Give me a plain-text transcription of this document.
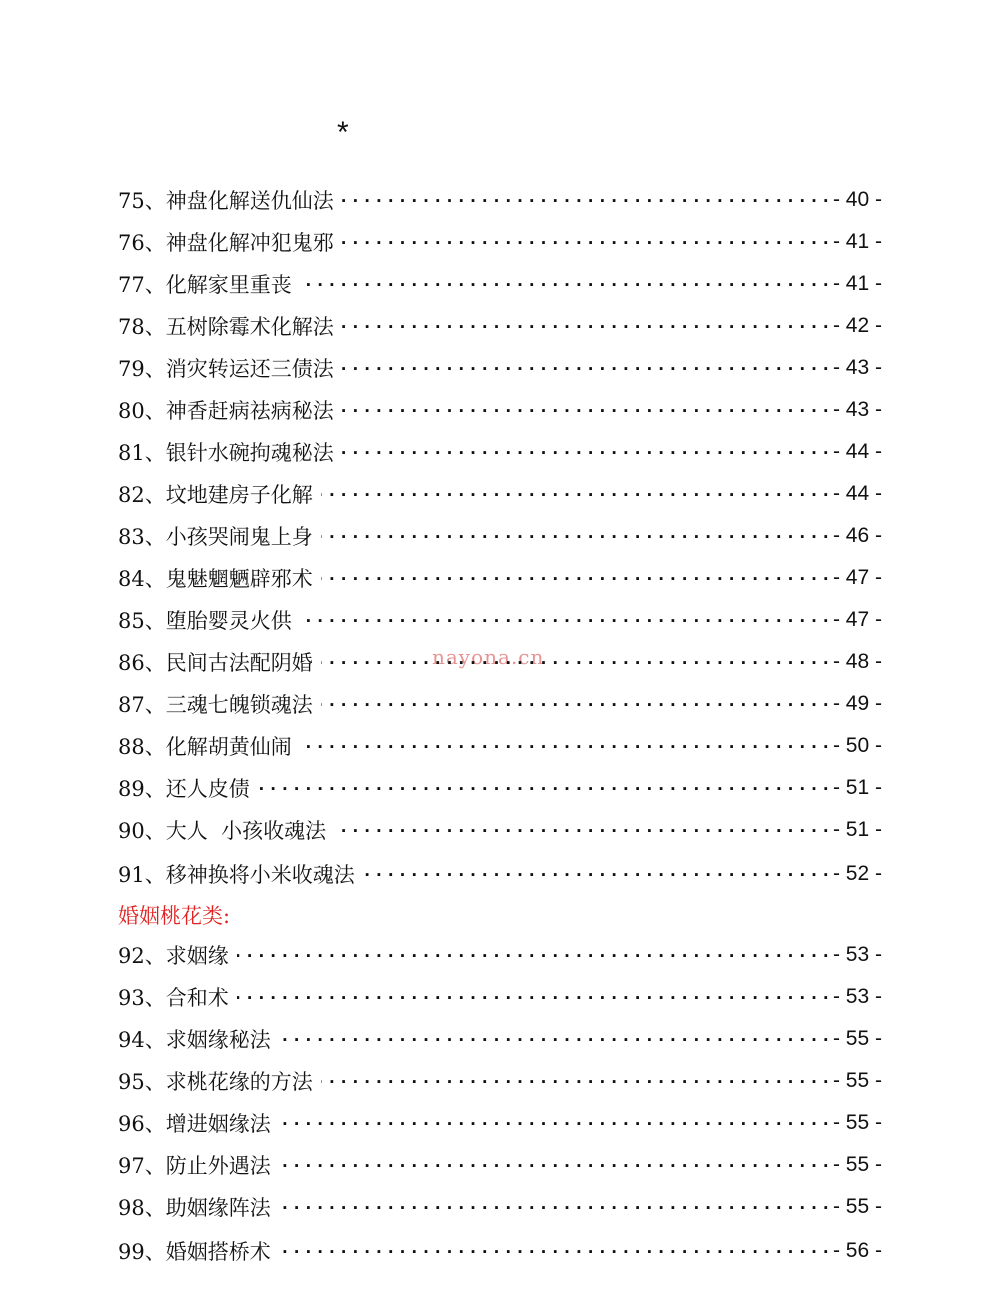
*
nayona.cn
75、 神盘化解送仇仙法 . . .	- 40 -
76、 神盘化解冲犯鬼邪 . . .	- 41 -
77、 化解家里重丧 . . .	- 41 -
78、 五树除霉术化解法 . . .	- 42 -
79、 消灾转运还三债法 . . .	- 43 -
80、 神香赶病祛病秘法 . . .	- 43 -
81、 银针水碗拘魂秘法 . . .	- 44 -
82、 坟地建房子化解 . . .	- 44 -
83、 小孩哭闹鬼上身 . . .	- 46 -
84、 鬼魅魍魉辟邪术 . . .	- 47 -
85、 堕胎婴灵火供 . . .	- 47 -
86、 民间古法配阴婚 . . .	- 48 -
87、 三魂七魄锁魂法 . . .	- 49 -
88、 化解胡黄仙闹 . . .	- 50 -
89、 还人皮债 . . .	- 51 -
90、 大人  小孩收魂法 . . .	- 51 -
91、 移神换将小米收魂法 . . .	- 52 -
婚姻桃花类:
92、 求姻缘 . . .	- 53 -
93、 合和术 . . .	- 53 -
94、 求姻缘秘法 . . .	- 55 -
95、 求桃花缘的方法 . . .	- 55 -
96、 增进姻缘法 . . .	- 55 -
97、 防止外遇法 . . .	- 55 -
98、 助姻缘阵法 . . .	- 55 -
99、 婚姻搭桥术 . . .	- 56 -
